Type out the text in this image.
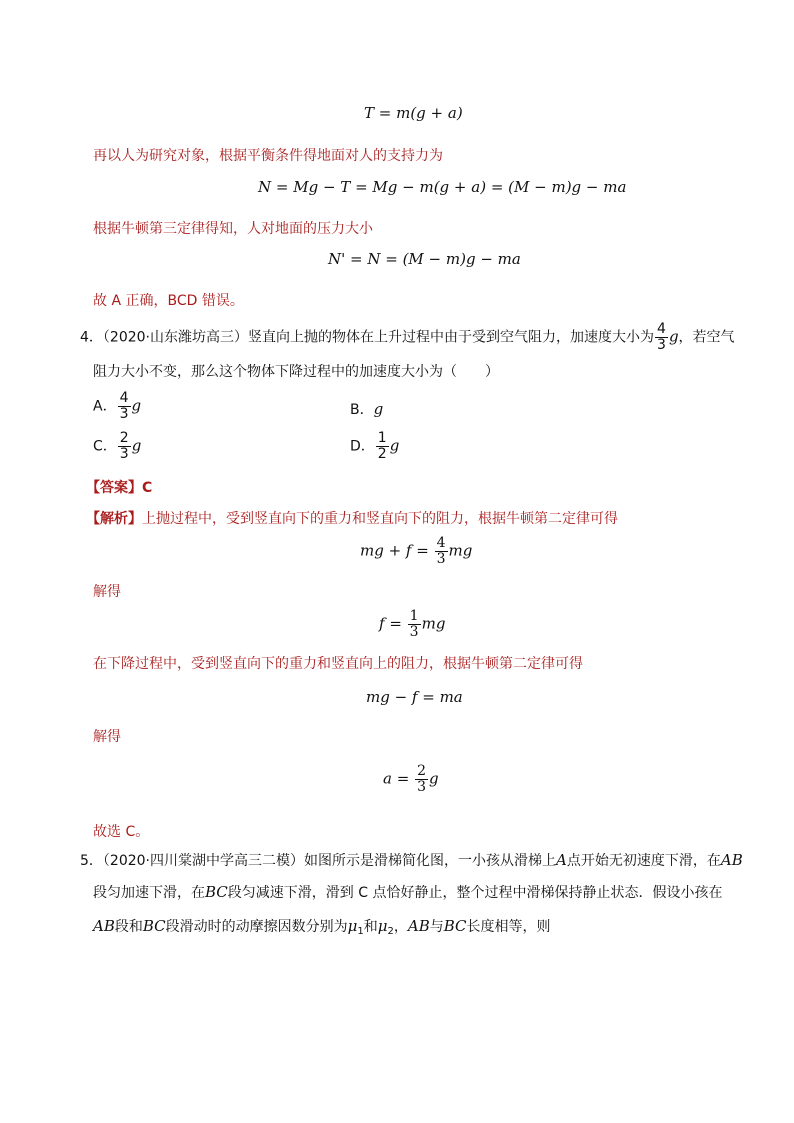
T = m(g + a)
再以人为研究对象，根据平衡条件得地面对人的支持力为
N = Mg − T = Mg − m(g + a) = (M − m)g − ma
根据牛顿第三定律得知，人对地面的压力大小
N' = N = (M − m)g − ma
故 A 正确，BCD 错误。
4．（2020·山东潍坊高三）竖直向上抛的物体在上升过程中由于受到空气阻力，加速度大小为 $\frac{4}{3}$ g，若空气
阻力大小不变，那么这个物体下降过程中的加速度大小为（　　）
A． $\frac{4}{3}$ g	B．g
C． $\frac{2}{3}$ g	D． $\frac{1}{2}$ g
【答案】C
【解析】上抛过程中，受到竖直向下的重力和竖直向下的阻力，根据牛顿第二定律可得
mg + $f = \frac{4}{3}$ mg
解得
$f = \frac{1}{3}$ mg
在下降过程中，受到竖直向下的重力和竖直向上的阻力，根据牛顿第二定律可得
mg − f = ma
解得
$a = \frac{2}{3}$ g
故选 C。
5．（2020·四川棠湖中学高三二模）如图所示是滑梯简化图，一小孩从滑梯上A点开始无初速度下滑，在AB
段匀加速下滑，在BC段匀减速下滑，滑到 C 点恰好静止，整个过程中滑梯保持静止状态．假设小孩在
AB段和BC段滑动时的动摩擦因数分别为$\mu_1$和$\mu_2$，AB与BC长度相等，则
